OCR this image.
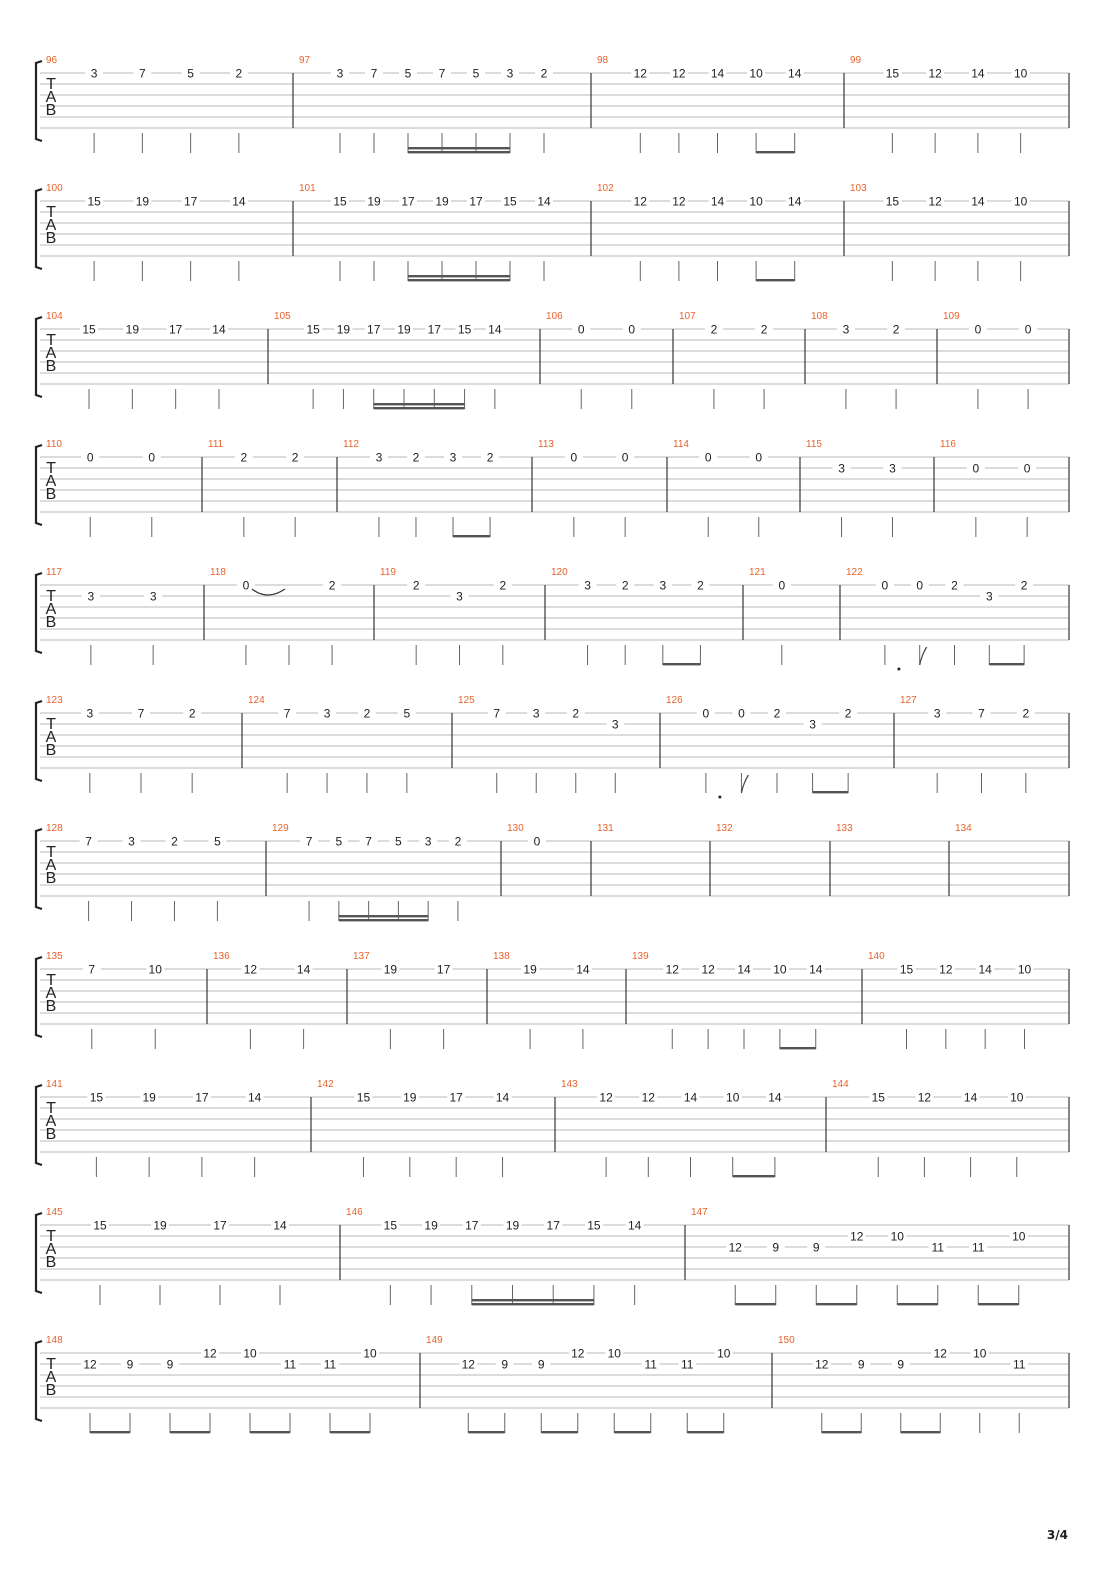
T
A
B
96
3	7	5	2
97
3 7 5 7 5 3 2
98
12 12 14 10 14
99
15 12 14 10
T
A
B
100
15	19	17	14
101
15 19 17 19 17 15 14
102
12 12 14 10 14
103
15 12 14 10
T
A
B
104
15 19 17 14
105
15 19 17 19 17 15 14
106
0	0
107
2	2
108
3	2
109
0	0
T
A
B
110
0	0
111
2	2
112
3	2	3	2
113
0	0
114
0	0
115
3	3
116
0	0
T
A
B
117
3	3
118
0	2
119
2
3
2
120
3	2	3	2
121
0
122
0 0 2
3
2
T
A
B
123
3	7	2
124
7	3	2	5
125
7	3	2
3
126
0 0 2
3
2
127
3	7	2
T
A
B
128
7	3	2	5
129
7 5 7 5 3 2
130
0
131	132	133	134
T
A
B
135
7	10
136
12	14
137
19	17
138
19	14
139
12 12 14 10 14
140
15 12 14 10
T
A
B
141
15	19	17	14
142
15	19	17	14
143
12 12 14 10 14
144
15	12	14	10
T
A
B
145
15	19	17	14
146
15 19 17 19 17 15 14
147
12	9	9
12 10
11 11
10
T
A
B
148
12 9	9
12 10
11 11
10
149
12 9 9
12 10
11 11
10
150
12 9	9
12 10
11
3/4
